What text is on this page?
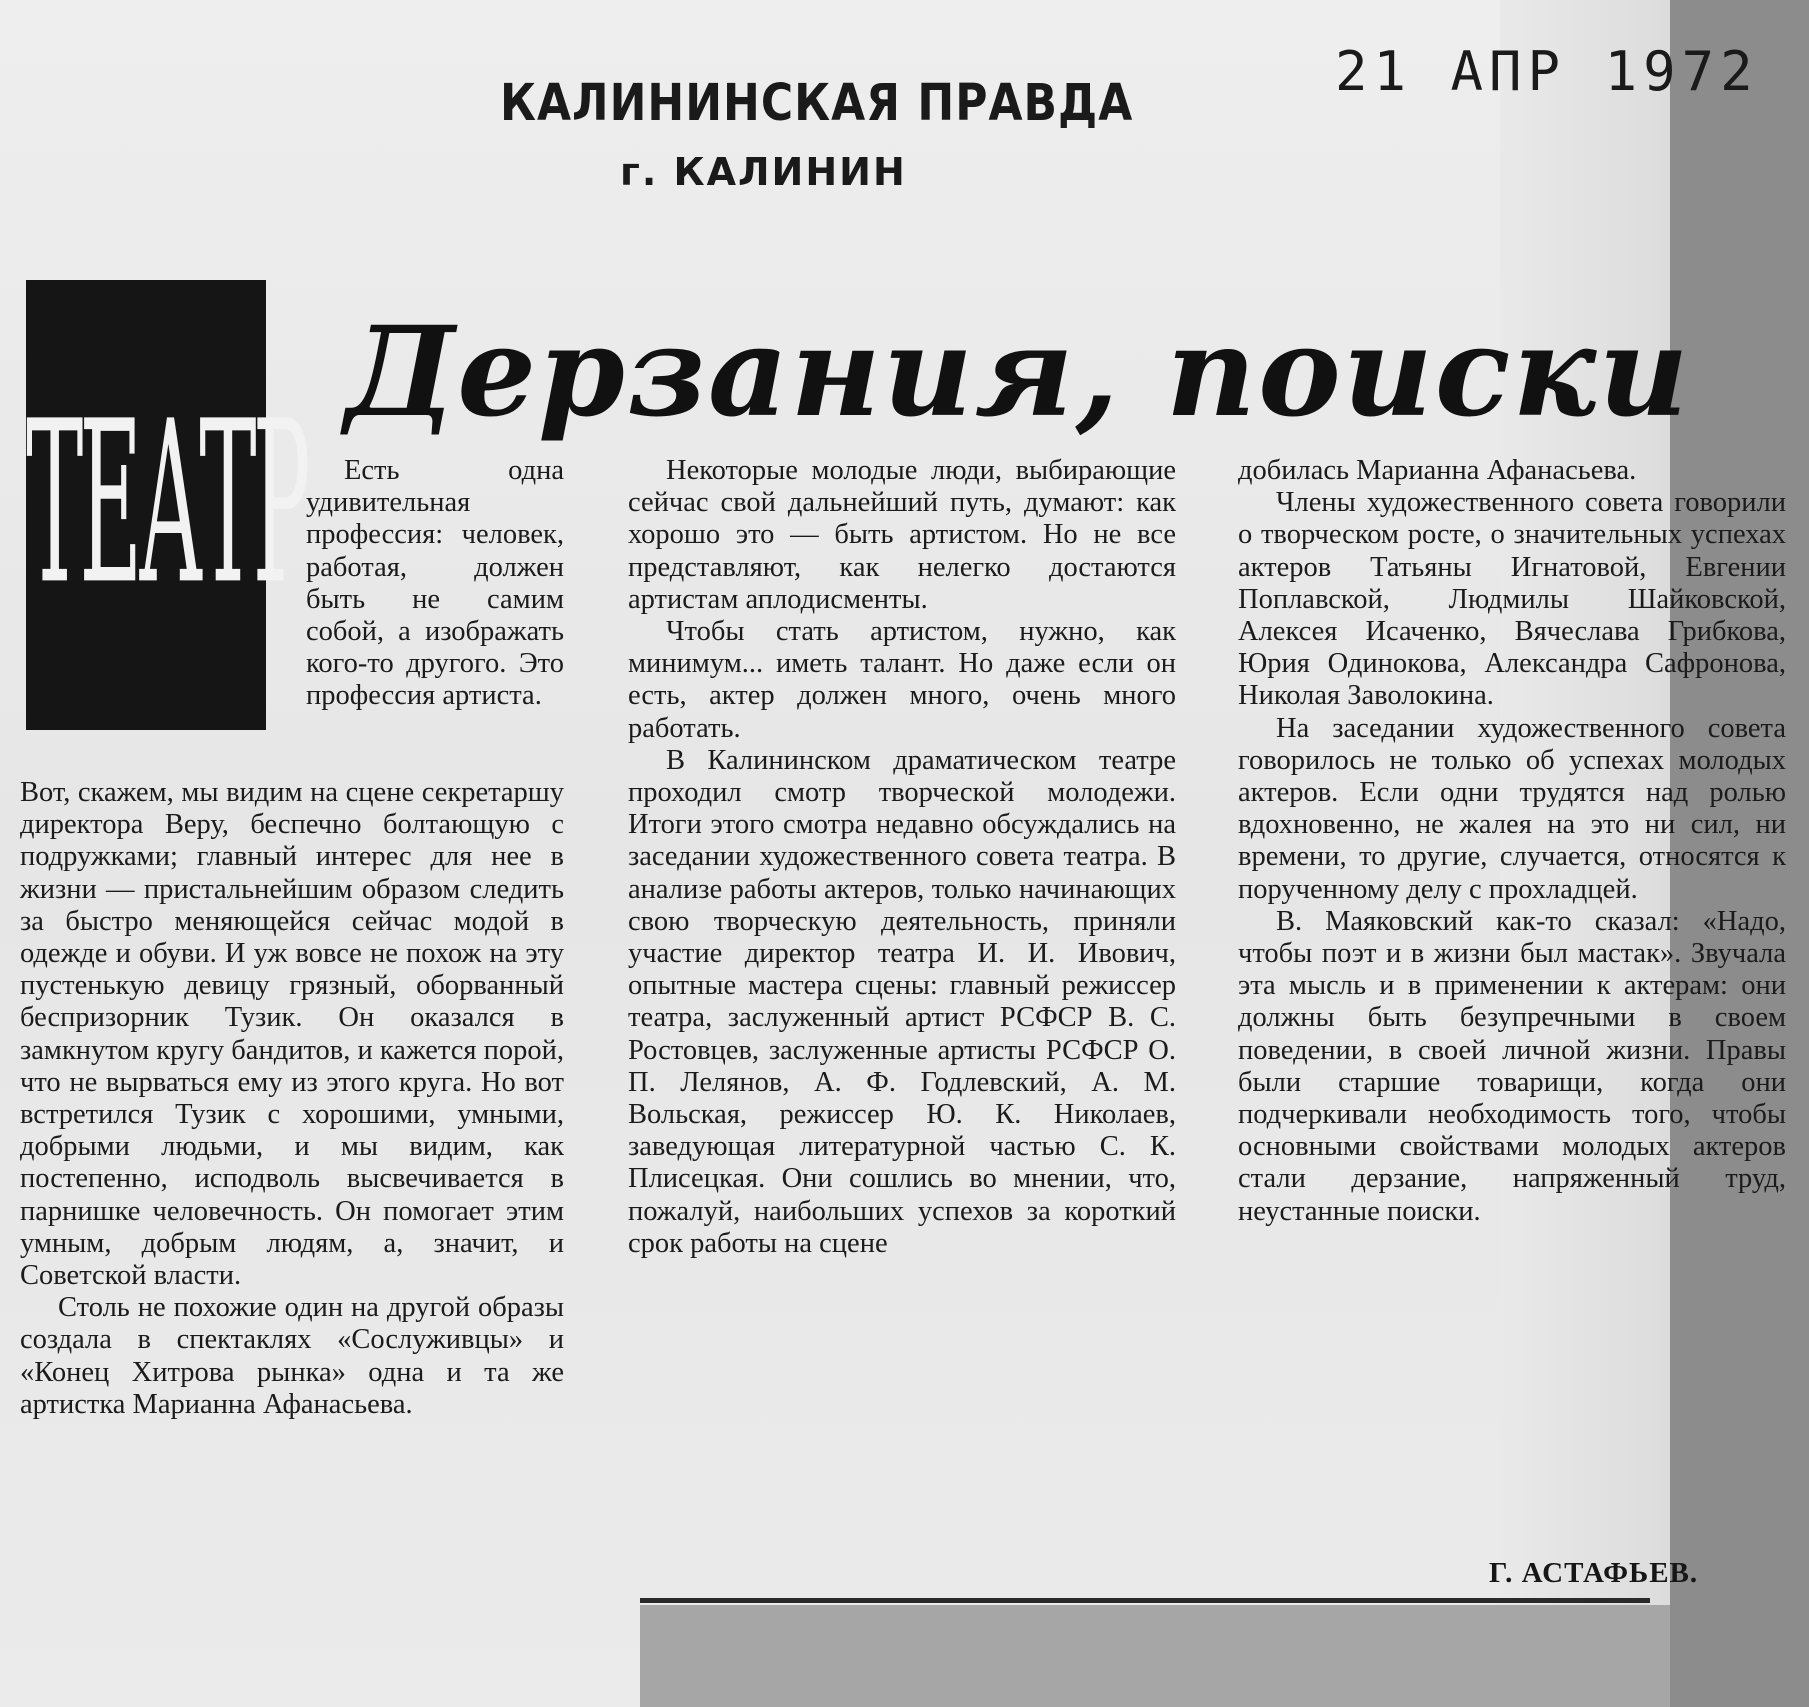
КАЛИНИНСКАЯ ПРАВДА
г. КАЛИНИН
21 АПР 1972
ТЕАТР
Дерзания, поиски

Есть одна удивительная профессия: человек, работая, должен быть не самим собой, а изображать кого-то другого. Это профессия артиста.

Вот, скажем, мы видим на сцене секретаршу директора Веру, беспечно болтающую с подружками; главный интерес для нее в жизни — пристальнейшим образом следить за быстро меняющейся сейчас модой в одежде и обуви. И уж вовсе не похож на эту пустенькую девицу грязный, оборванный беспризорник Тузик. Он оказался в замкнутом кругу бандитов, и кажется порой, что не вырваться ему из этого круга. Но вот встретился Тузик с хорошими, умными, добрыми людьми, и мы видим, как постепенно, исподволь высвечивается в парнишке человечность. Он помогает этим умным, добрым людям, а, значит, и Советской власти.

Столь не похожие один на другой образы создала в спектаклях «Сослуживцы» и «Конец Хитрова рынка» одна и та же артистка Марианна Афанасьева.

Некоторые молодые люди, выбирающие сейчас свой дальнейший путь, думают: как хорошо это — быть артистом. Но не все представляют, как нелегко достаются артистам аплодисменты.

Чтобы стать артистом, нужно, как минимум... иметь талант. Но даже если он есть, актер должен много, очень много работать.

В Калининском драматическом театре проходил смотр творческой молодежи. Итоги этого смотра недавно обсуждались на заседании художественного совета театра. В анализе работы актеров, только начинающих свою творческую деятельность, приняли участие директор театра И. И. Ивович, опытные мастера сцены: главный режиссер театра, заслуженный артист РСФСР В. С. Ростовцев, заслуженные артисты РСФСР О. П. Лелянов, А. Ф. Годлевский, А. М. Вольская, режиссер Ю. К. Николаев, заведующая литературной частью С. К. Плисецкая. Они сошлись во мнении, что, пожалуй, наибольших успехов за короткий срок работы на сцене

добилась Марианна Афанасьева.

Члены художественного совета говорили о творческом росте, о значительных успехах актеров Татьяны Игнатовой, Евгении Поплавской, Людмилы Шайковской, Алексея Исаченко, Вячеслава Грибкова, Юрия Одинокова, Александра Сафронова, Николая Заволокина.

На заседании художественного совета говорилось не только об успехах молодых актеров. Если одни трудятся над ролью вдохновенно, не жалея на это ни сил, ни времени, то другие, случается, относятся к порученному делу с прохладцей.

В. Маяковский как-то сказал: «Надо, чтобы поэт и в жизни был мастак». Звучала эта мысль и в применении к актерам: они должны быть безупречными в своем поведении, в своей личной жизни. Правы были старшие товарищи, когда они подчеркивали необходимость того, чтобы основными свойствами молодых актеров стали дерзание, напряженный труд, неустанные поиски.

Г. АСТАФЬЕВ.
